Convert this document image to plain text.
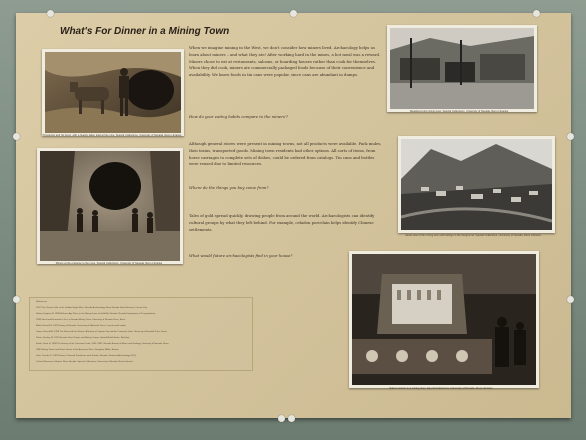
What's For Dinner in a Mining Town
Prospector and his burro, with a heavily laden load at the mine. Special Collections, University of Nevada, Reno Libraries
Weathered old mining town. Special Collections, University of Nevada, Reno Libraries
Miners at the entrance to the mine. Special Collections, University of Nevada, Reno Libraries
Aerial view of the mining town with tailings in the foreground. Special Collections, University of Nevada, Reno Libraries
Saloon interior in a mining town. Special Collections, University of Nevada, Reno Libraries
When we imagine mining in the West, we don't consider how miners lived. Archaeology helps us learn about miners – and what they ate! After working hard in the mines, a hot meal was a reward. Miners chose to eat at restaurants, saloons, or boarding houses rather than cook for themselves. When they did cook, miners ate commercially packaged foods because of their convenience and availability. We know foods in tin cans were popular, since cans are abundant in dumps.
How do your eating habits compare to the miners'?
Although general stores were present in mining towns, not all products were available. Pack mules, then trains, transported goods. Mining town residents had other options. All sorts of items, from horse carriages to complete sets of dishes, could be ordered from catalogs. Tin cans and bottles were reused due to limited resources.
Where do the things you buy come from?
Tales of gold spread quickly, drawing people from around the world. Archaeologists can identify cultural groups by what they left behind. For example, celadon porcelain helps identify Chinese settlements.
What would future archaeologists find in your house?
References
1997 The Chinese Site at the Golden Eagle Mine. Nevada Archaeology, Reno Nevada State Museum, Carson City.
Hattori, Eugene M. 1998 A Stone-Age Place in the Mining Town of Gold Hill, Nevada. Nevada Department of Transportation.
1999 Social and Economic Life in a Nevada Mining Town. University of Nevada Press, Reno.
Elliott, Russell R. 1987 History of Nevada. University of Nebraska Press, Lincoln and London.
James, Ronald M. 1998 The Roar and the Silence: A History of Virginia City and the Comstock Lode. University of Nevada Press, Reno.
Paher, Stanley W. 1970 Nevada Ghost Towns and Mining Camps. Howell-North Books, Berkeley.
Smith, Grant H. 1998 The History of the Comstock Lode, 1850–1997. Nevada Bureau of Mines and Geology, University of Nevada, Reno.
1980 Mining Towns and Ghost Towns of the American West. Houghton Mifflin, Boston.
Zeier, Charles D. 1987 Historic Charcoal Production near Eureka, Nevada. Historical Archaeology 21(1).
Cultural Resources Report, Reno Nevada. Special Collections, University of Nevada, Reno Libraries.
